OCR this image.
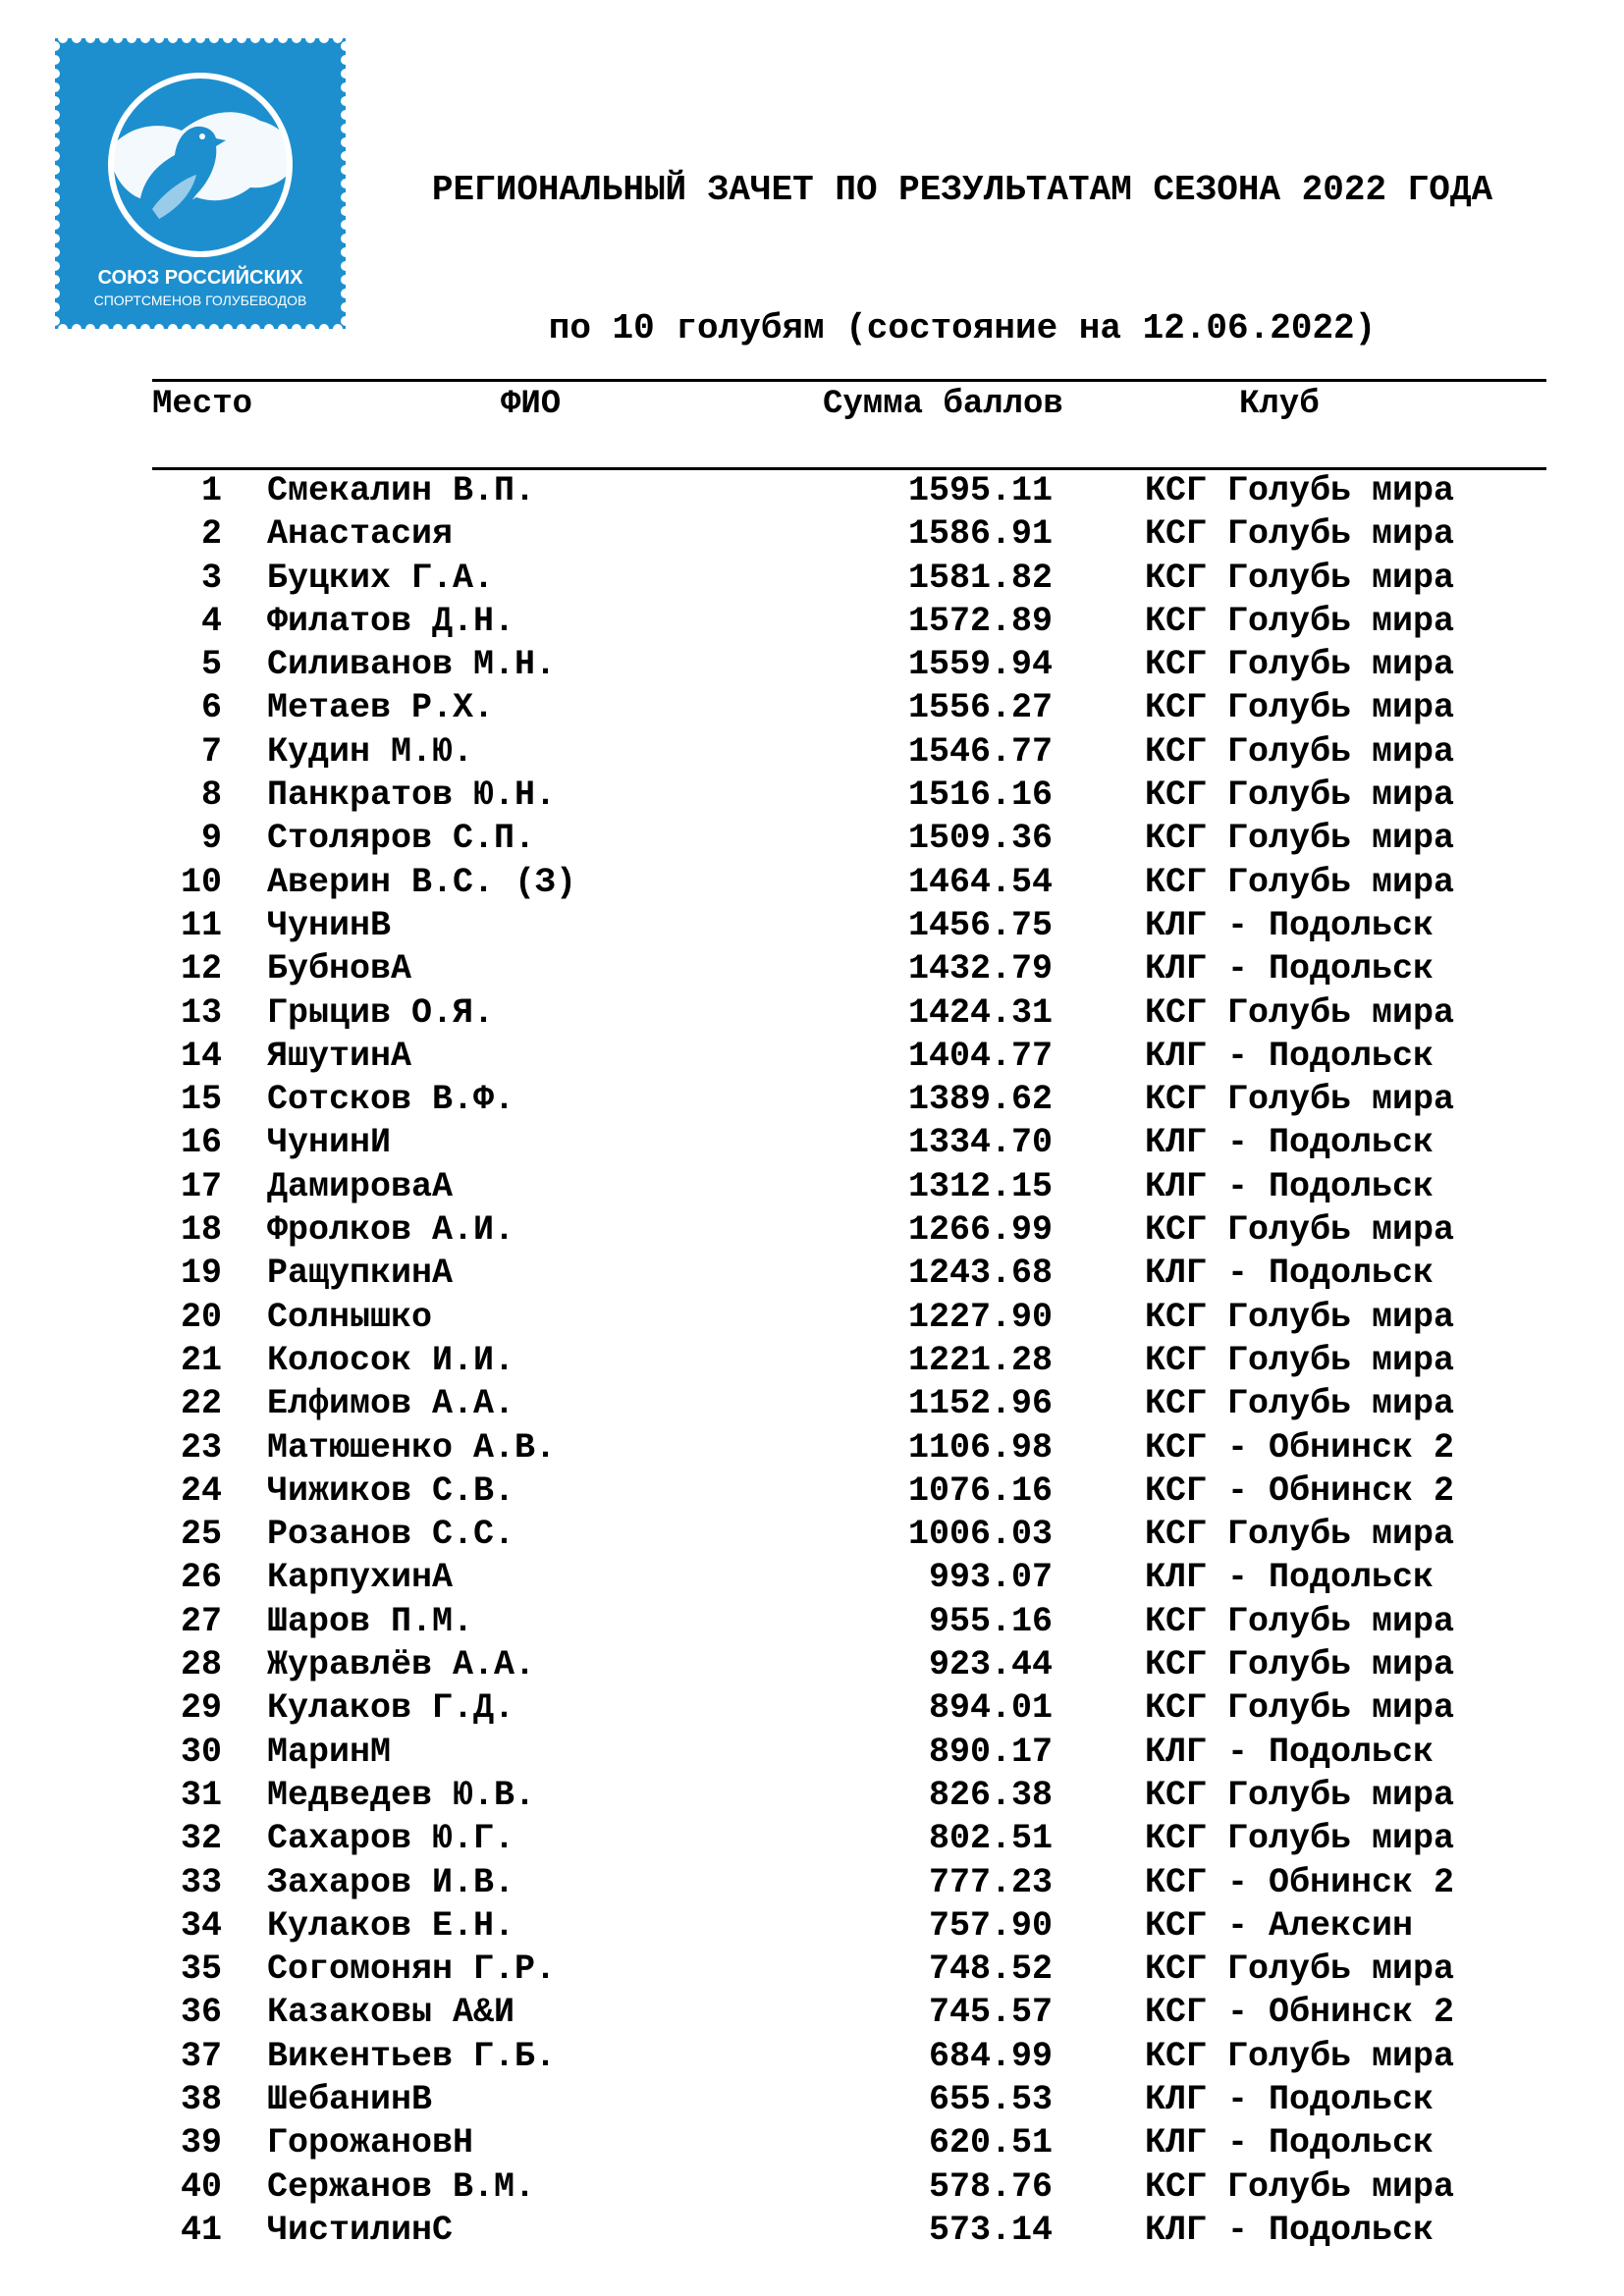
СОЮЗ РОССИЙСКИХ
СПОРТСМЕНОВ ГОЛУБЕВОДОВ

РЕГИОНАЛЬНЫЙ ЗАЧЕТ ПО РЕЗУЛЬТАТАМ СЕЗОНА 2022 ГОДА

по 10 голубям (состояние на 12.06.2022)

Место	ФИО	Сумма баллов	Клуб
1 Смекалин В.П.	1595.11	КСГ Голубь мира
2 Анастасия	1586.91	КСГ Голубь мира
3 Буцких Г.А.	1581.82	КСГ Голубь мира
4 Филатов Д.Н.	1572.89	КСГ Голубь мира
5 Силиванов М.Н.	1559.94	КСГ Голубь мира
6 Метаев Р.Х.	1556.27	КСГ Голубь мира
7 Кудин М.Ю.	1546.77	КСГ Голубь мира
8 Панкратов Ю.Н.	1516.16	КСГ Голубь мира
9 Столяров С.П.	1509.36	КСГ Голубь мира
10 Аверин В.С. (З)	1464.54	КСГ Голубь мира
11 ЧунинВ	1456.75	КЛГ - Подольск
12 БубновА	1432.79	КЛГ - Подольск
13 Грыцив О.Я.	1424.31	КСГ Голубь мира
14 ЯшутинА	1404.77	КЛГ - Подольск
15 Сотсков В.Ф.	1389.62	КСГ Голубь мира
16 ЧунинИ	1334.70	КЛГ - Подольск
17 ДамироваА	1312.15	КЛГ - Подольск
18 Фролков А.И.	1266.99	КСГ Голубь мира
19 РащупкинА	1243.68	КЛГ - Подольск
20 Солнышко	1227.90	КСГ Голубь мира
21 Колосок И.И.	1221.28	КСГ Голубь мира
22 Елфимов А.А.	1152.96	КСГ Голубь мира
23 Матюшенко А.В.	1106.98	КСГ - Обнинск 2
24 Чижиков С.В.	1076.16	КСГ - Обнинск 2
25 Розанов С.С.	1006.03	КСГ Голубь мира
26 КарпухинА	993.07	КЛГ - Подольск
27 Шаров П.М.	955.16	КСГ Голубь мира
28 Журавлёв А.А.	923.44	КСГ Голубь мира
29 Кулаков Г.Д.	894.01	КСГ Голубь мира
30 МаринМ	890.17	КЛГ - Подольск
31 Медведев Ю.В.	826.38	КСГ Голубь мира
32 Сахаров Ю.Г.	802.51	КСГ Голубь мира
33 Захаров И.В.	777.23	КСГ - Обнинск 2
34 Кулаков Е.Н.	757.90	КСГ - Алексин
35 Согомонян Г.Р.	748.52	КСГ Голубь мира
36 Казаковы А&И	745.57	КСГ - Обнинск 2
37 Викентьев Г.Б.	684.99	КСГ Голубь мира
38 ШебанинВ	655.53	КЛГ - Подольск
39 ГорожановН	620.51	КЛГ - Подольск
40 Сержанов В.М.	578.76	КСГ Голубь мира
41 ЧистилинС	573.14	КЛГ - Подольск
